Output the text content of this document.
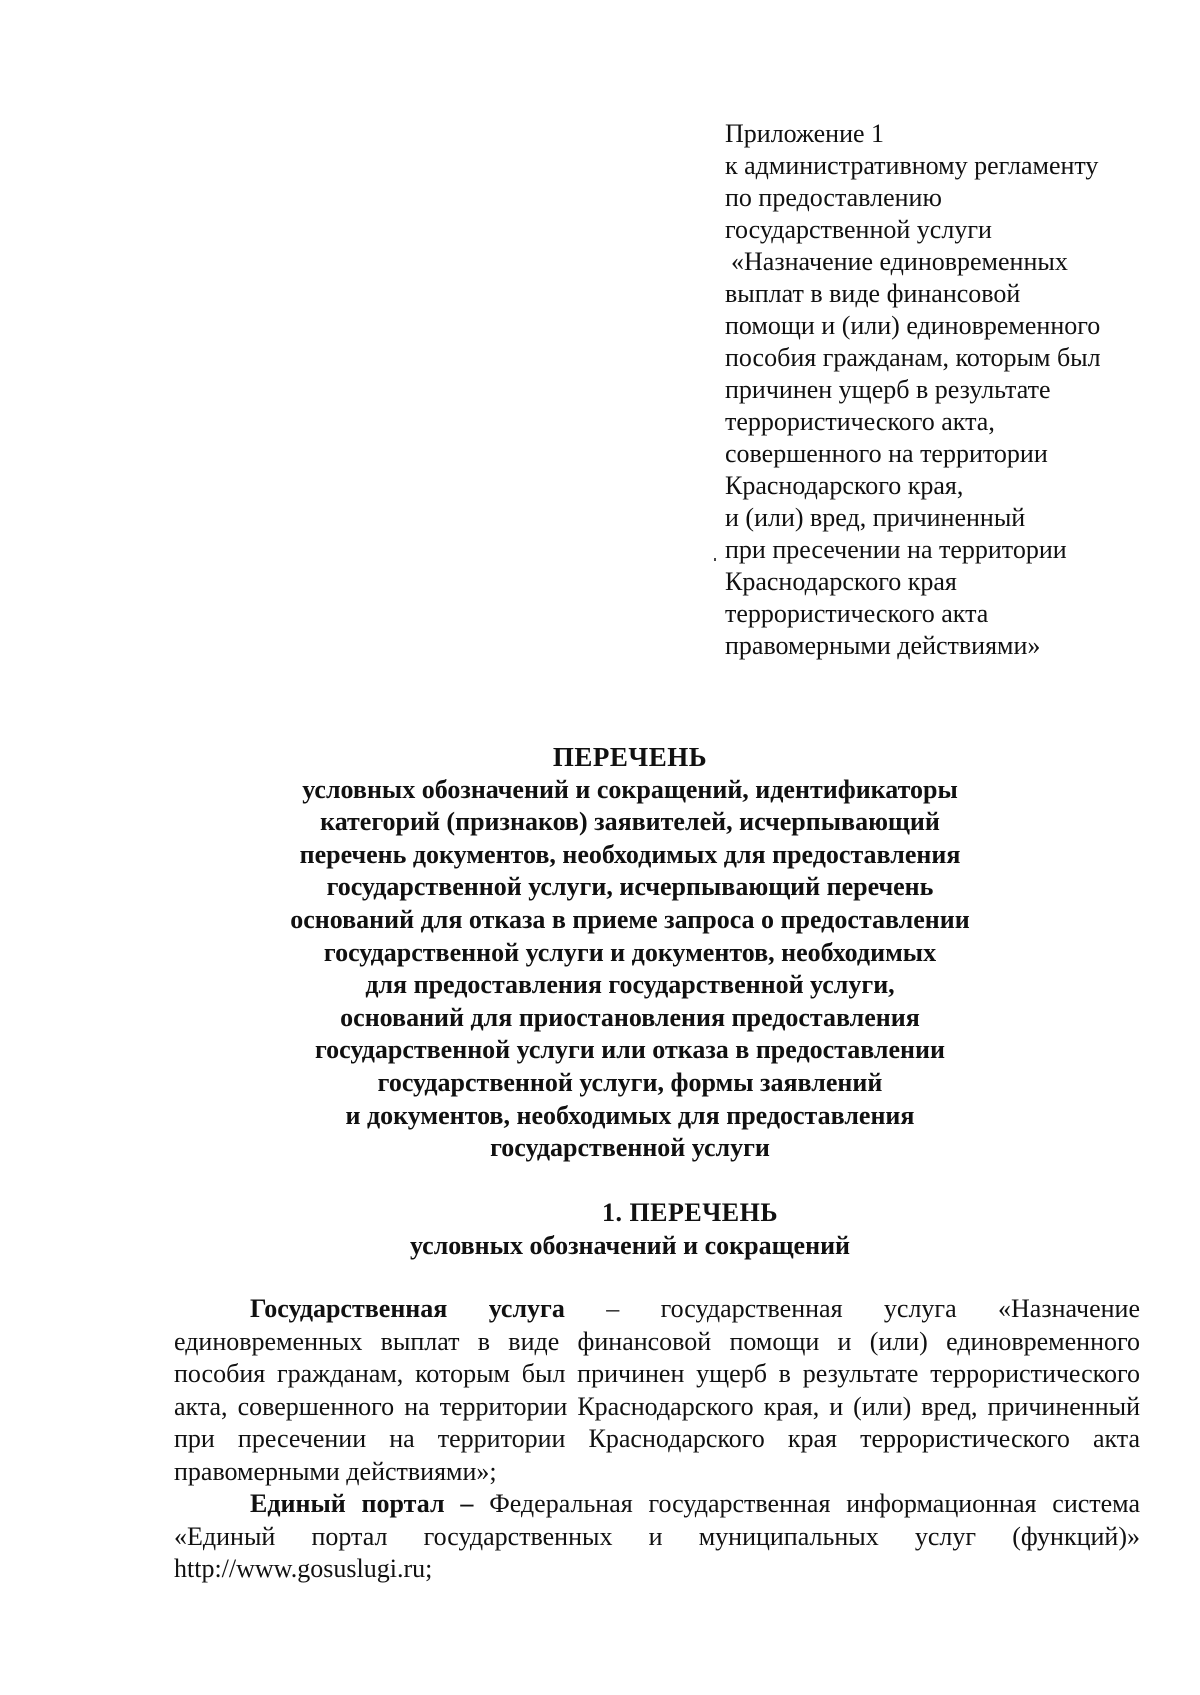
Приложение 1
к административному регламенту
по предоставлению
государственной услуги
«Назначение единовременных
выплат в виде финансовой
помощи и (или) единовременного
пособия гражданам, которым был
причинен ущерб в результате
террористического акта,
совершенного на территории
Краснодарского края,
и (или) вред, причиненный
при пресечении на территории
Краснодарского края
террористического акта
правомерными действиями»
ПЕРЕЧЕНЬ
условных обозначений и сокращений, идентификаторы
категорий (признаков) заявителей, исчерпывающий
перечень документов, необходимых для предоставления
государственной услуги, исчерпывающий перечень
оснований для отказа в приеме запроса о предоставлении
государственной услуги и документов, необходимых
для предоставления государственной услуги,
оснований для приостановления предоставления
государственной услуги или отказа в предоставлении
государственной услуги, формы заявлений
и документов, необходимых для предоставления
государственной услуги
1. ПЕРЕЧЕНЬ
условных обозначений и сокращений

Государственная услуга – государственная услуга «Назначение единовременных выплат в виде финансовой помощи и (или) единовременного пособия гражданам, которым был причинен ущерб в результате террористического акта, совершенного на территории Краснодарского края, и (или) вред, причиненный при пресечении на территории Краснодарского края террористического акта правомерными действиями»;

Единый портал – Федеральная государственная информационная система «Единый портал государственных и муниципальных услуг (функций)» http://www.gosuslugi.ru;
